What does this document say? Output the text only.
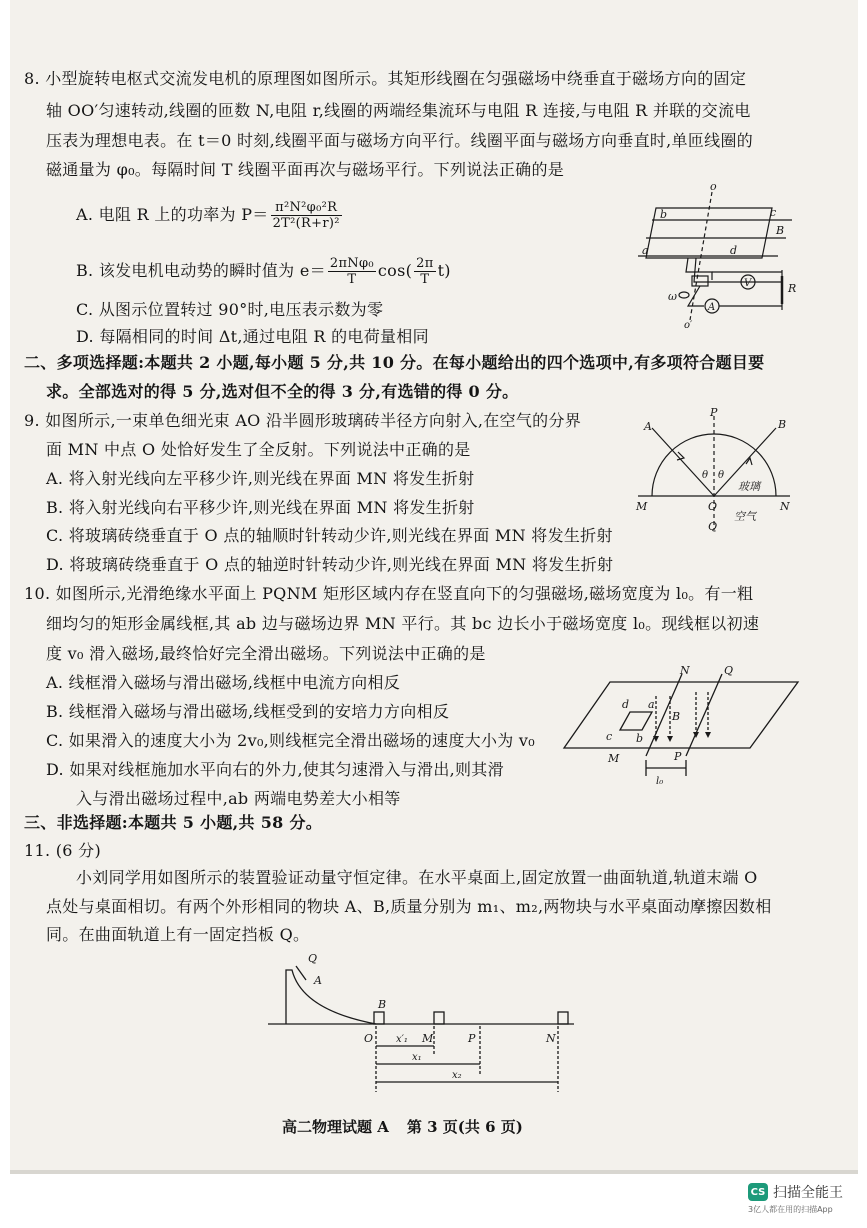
8. 小型旋转电枢式交流发电机的原理图如图所示。其矩形线圈在匀强磁场中绕垂直于磁场方向的固定
轴 OO′匀速转动,线圈的匝数 N,电阻 r,线圈的两端经集流环与电阻 R 连接,与电阻 R 并联的交流电
压表为理想电表。在 t＝0 时刻,线圈平面与磁场方向平行。线圈平面与磁场方向垂直时,单匝线圈的
磁通量为 φ₀。每隔时间 T 线圈平面再次与磁场平行。下列说法正确的是
A. 电阻 R 上的功率为 $P= \frac{\text{π²N²φ₀²R}}{\text{2T²(R+r)²}}$
B. 该发电机电动势的瞬时值为 $e= \frac{\text{2πNφ₀}}{T} \cos( \frac{2\pi}{T} t)$
C. 从图示位置转过 90°时,电压表示数为零
D. 每隔相同的时间 Δt,通过电阻 R 的电荷量相同
o
b	c
B
a	d
V
A
R
ω
o′
二、多项选择题:本题共 2 小题,每小题 5 分,共 10 分。在每小题给出的四个选项中,有多项符合题目要
求。全部选对的得 5 分,选对但不全的得 3 分,有选错的得 0 分。
9. 如图所示,一束单色细光束 AO 沿半圆形玻璃砖半径方向射入,在空气的分界
面 MN 中点 O 处恰好发生了全反射。下列说法中正确的是
A. 将入射光线向左平移少许,则光线在界面 MN 将发生折射
B. 将入射光线向右平移少许,则光线在界面 MN 将发生折射
C. 将玻璃砖绕垂直于 O 点的轴顺时针转动少许,则光线在界面 MN 将发生折射
D. 将玻璃砖绕垂直于 O 点的轴逆时针转动少许,则光线在界面 MN 将发生折射
P
A	B
θ θ
M	O	N
Q
玻璃
空气
10. 如图所示,光滑绝缘水平面上 PQNM 矩形区域内存在竖直向下的匀强磁场,磁场宽度为 l₀。有一粗
细均匀的矩形金属线框,其 ab 边与磁场边界 MN 平行。其 bc 边长小于磁场宽度 l₀。现线框以初速
度 v₀ 滑入磁场,最终恰好完全滑出磁场。下列说法中正确的是
A. 线框滑入磁场与滑出磁场,线框中电流方向相反
B. 线框滑入磁场与滑出磁场,线框受到的安培力方向相反
C. 如果滑入的速度大小为 2v₀,则线框完全滑出磁场的速度大小为 v₀
D. 如果对线框施加水平向右的外力,使其匀速滑入与滑出,则其滑
入与滑出磁场过程中,ab 两端电势差大小相等
N	Q
d a
B
c b
M	P
l₀
三、非选择题:本题共 5 小题,共 58 分。
11. (6 分)
小刘同学用如图所示的装置验证动量守恒定律。在水平桌面上,固定放置一曲面轨道,轨道末端 O
点处与桌面相切。有两个外形相同的物块 A、B,质量分别为 m₁、m₂,两物块与水平桌面动摩擦因数相
同。在曲面轨道上有一固定挡板 Q。
Q
A
B
O	M	P	N
x′₁
x₁
x₂
高二物理试题 A 第 3 页(共 6 页)
CS 扫描全能王
3亿人都在用的扫描App
